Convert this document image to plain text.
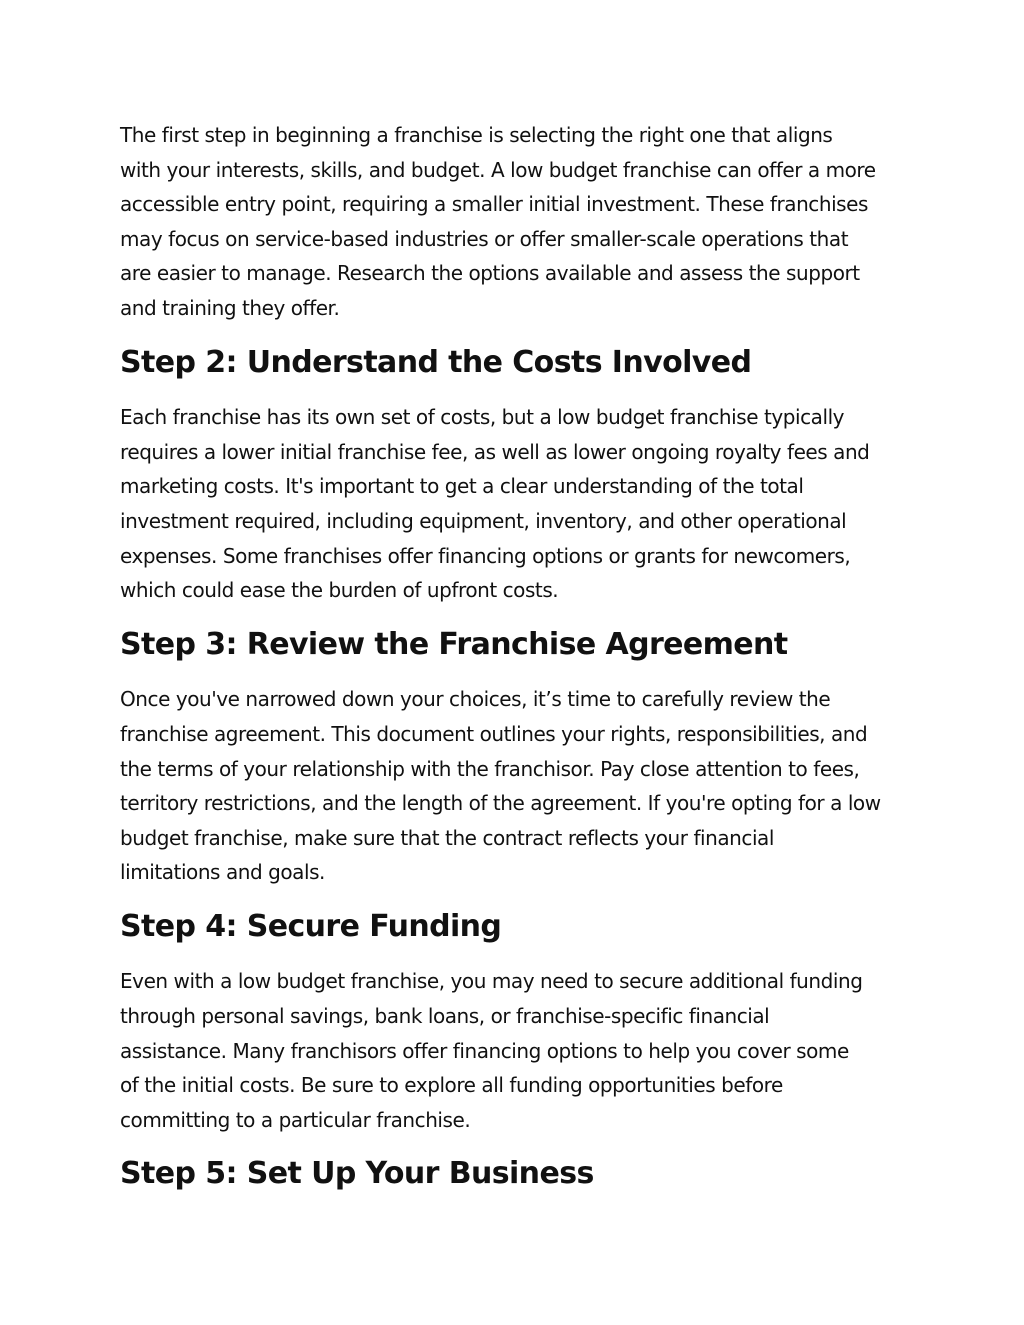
The first step in beginning a franchise is selecting the right one that aligns
with your interests, skills, and budget. A low budget franchise can offer a more
accessible entry point, requiring a smaller initial investment. These franchises
may focus on service-based industries or offer smaller-scale operations that
are easier to manage. Research the options available and assess the support
and training they offer.

Step 2: Understand the Costs Involved

Each franchise has its own set of costs, but a low budget franchise typically
requires a lower initial franchise fee, as well as lower ongoing royalty fees and
marketing costs. It's important to get a clear understanding of the total
investment required, including equipment, inventory, and other operational
expenses. Some franchises offer financing options or grants for newcomers,
which could ease the burden of upfront costs.

Step 3: Review the Franchise Agreement

Once you've narrowed down your choices, it’s time to carefully review the
franchise agreement. This document outlines your rights, responsibilities, and
the terms of your relationship with the franchisor. Pay close attention to fees,
territory restrictions, and the length of the agreement. If you're opting for a low
budget franchise, make sure that the contract reflects your financial
limitations and goals.

Step 4: Secure Funding

Even with a low budget franchise, you may need to secure additional funding
through personal savings, bank loans, or franchise-specific financial
assistance. Many franchisors offer financing options to help you cover some
of the initial costs. Be sure to explore all funding opportunities before
committing to a particular franchise.

Step 5: Set Up Your Business
